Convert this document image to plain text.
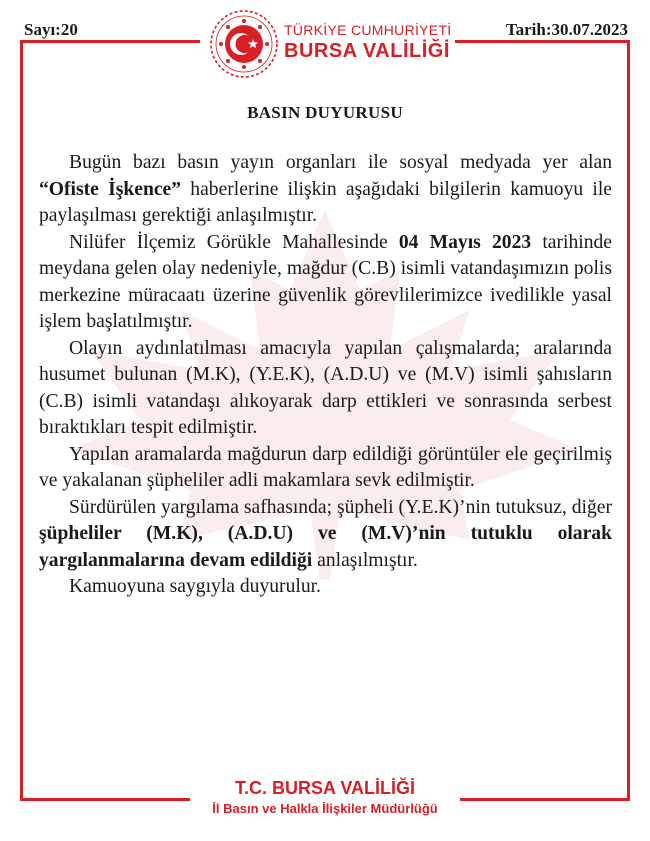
Sayı:20	Tarih:30.07.2023
TÜRKİYE CUMHURİYETİ
BURSA VALİLİĞİ
BASIN DUYURUSU

Bugün bazı basın yayın organları ile sosyal medyada yer alan “Ofiste İşkence” haberlerine ilişkin aşağıdaki bilgilerin kamuoyu ile paylaşılması gerektiği anlaşılmıştır.

Nilüfer İlçemiz Görükle Mahallesinde 04 Mayıs 2023 tarihinde meydana gelen olay nedeniyle, mağdur (C.B) isimli vatandaşımızın polis merkezine müracaatı üzerine güvenlik görevlilerimizce ivedilikle yasal işlem başlatılmıştır.

Olayın aydınlatılması amacıyla yapılan çalışmalarda; aralarında husumet bulunan (M.K), (Y.E.K), (A.D.U) ve (M.V) isimli şahısların (C.B) isimli vatandaşı alıkoyarak darp ettikleri ve sonrasında serbest bıraktıkları tespit edilmiştir.

Yapılan aramalarda mağdurun darp edildiği görüntüler ele geçirilmiş ve yakalanan şüpheliler adli makamlara sevk edilmiştir.

Sürdürülen yargılama safhasında; şüpheli (Y.E.K)’nin tutuksuz, diğer şüpheliler (M.K), (A.D.U) ve (M.V)’nin tutuklu olarak yargılanmalarına devam edildiği anlaşılmıştır.

Kamuoyuna saygıyla duyurulur.

T.C. BURSA VALİLİĞİ
İl Basın ve Halkla İlişkiler Müdürlüğü
